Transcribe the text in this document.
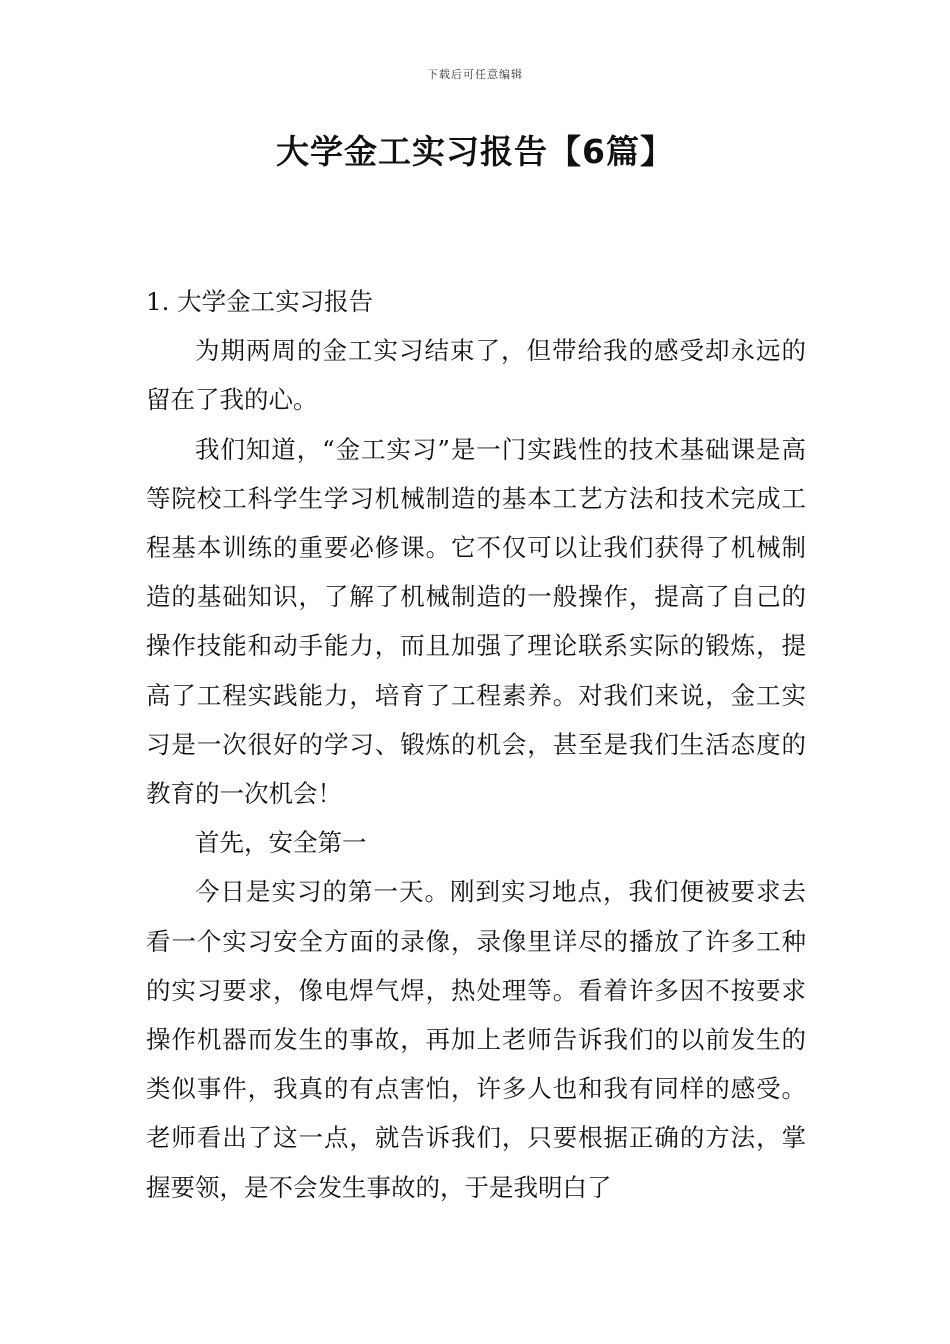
下载后可任意编辑
大学金工实习报告【6篇】
1. 大学金工实习报告

为期两周的金工实习结束了，但带给我的感受却永远的留在了我的心。

我们知道，“金工实习”是一门实践性的技术基础课是高等院校工科学生学习机械制造的基本工艺方法和技术完成工程基本训练的重要必修课。它不仅可以让我们获得了机械制造的基础知识，了解了机械制造的一般操作，提高了自己的操作技能和动手能力，而且加强了理论联系实际的锻炼，提高了工程实践能力，培育了工程素养。对我们来说，金工实习是一次很好的学习、锻炼的机会，甚至是我们生活态度的教育的一次机会！

首先，安全第一

今日是实习的第一天。刚到实习地点，我们便被要求去看一个实习安全方面的录像，录像里详尽的播放了许多工种的实习要求，像电焊气焊，热处理等。看着许多因不按要求操作机器而发生的事故，再加上老师告诉我们的以前发生的类似事件，我真的有点害怕，许多人也和我有同样的感受。老师看出了这一点，就告诉我们，只要根据正确的方法，掌握要领，是不会发生事故的，于是我明白了
